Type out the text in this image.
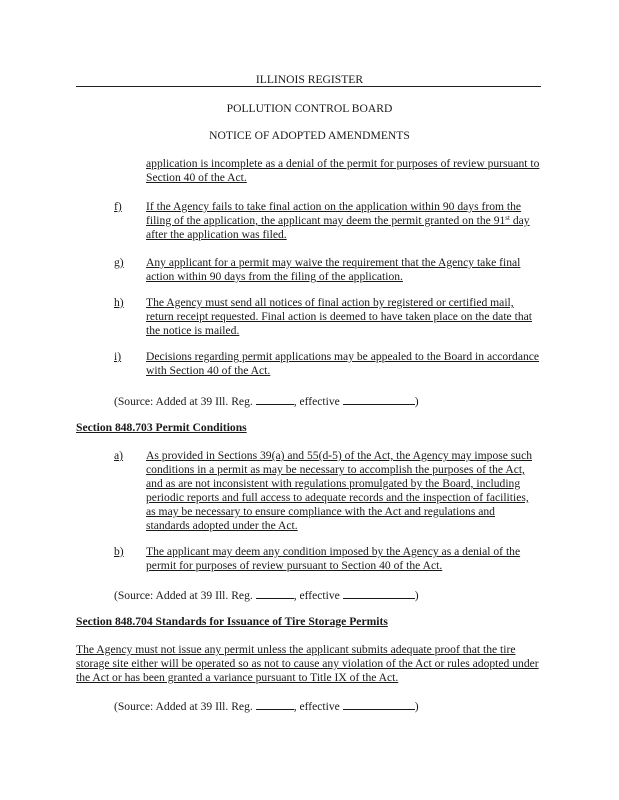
ILLINOIS REGISTER
POLLUTION CONTROL BOARD
NOTICE OF ADOPTED AMENDMENTS
application is incomplete as a denial of the permit for purposes of review pursuant to Section 40 of the Act.
f)	If the Agency fails to take final action on the application within 90 days from the filing of the application, the applicant may deem the permit granted on the 91st day after the application was filed.
g)	Any applicant for a permit may waive the requirement that the Agency take final action within 90 days from the filing of the application.
h)	The Agency must send all notices of final action by registered or certified mail, return receipt requested. Final action is deemed to have taken place on the date that the notice is mailed.
i)	Decisions regarding permit applications may be appealed to the Board in accordance with Section 40 of the Act.
(Source: Added at 39 Ill. Reg.	, effective	)
Section 848.703 Permit Conditions
a)	As provided in Sections 39(a) and 55(d-5) of the Act, the Agency may impose such conditions in a permit as may be necessary to accomplish the purposes of the Act, and as are not inconsistent with regulations promulgated by the Board, including periodic reports and full access to adequate records and the inspection of facilities, as may be necessary to ensure compliance with the Act and regulations and standards adopted under the Act.
b)	The applicant may deem any condition imposed by the Agency as a denial of the permit for purposes of review pursuant to Section 40 of the Act.
(Source: Added at 39 Ill. Reg.	, effective	)
Section 848.704 Standards for Issuance of Tire Storage Permits
The Agency must not issue any permit unless the applicant submits adequate proof that the tire storage site either will be operated so as not to cause any violation of the Act or rules adopted under the Act or has been granted a variance pursuant to Title IX of the Act.
(Source: Added at 39 Ill. Reg.	, effective	)
